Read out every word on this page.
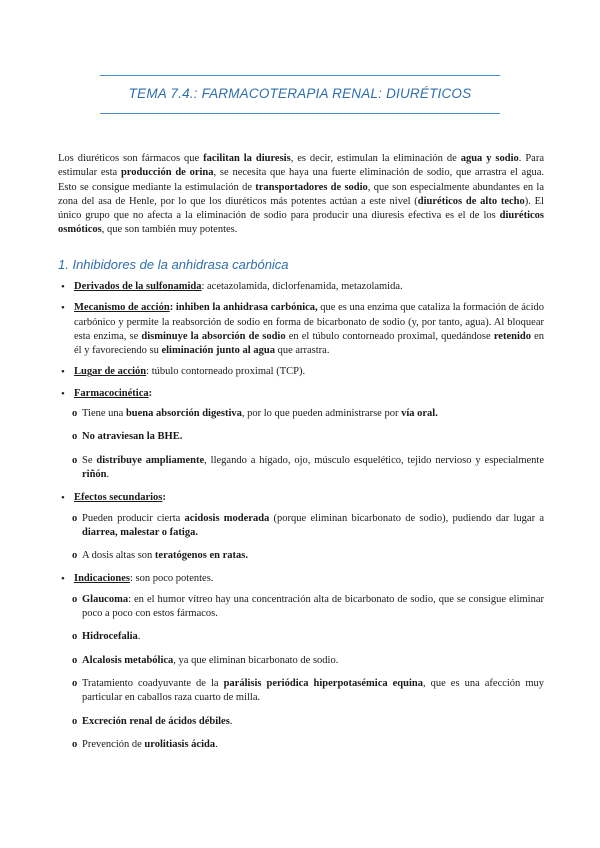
TEMA 7.4.: FARMACOTERAPIA RENAL: DIURÉTICOS

Los diuréticos son fármacos que facilitan la diuresis, es decir, estimulan la eliminación de agua y sodio. Para estimular esta producción de orina, se necesita que haya una fuerte eliminación de sodio, que arrastra el agua. Esto se consigue mediante la estimulación de transportadores de sodio, que son especialmente abundantes en la zona del asa de Henle, por lo que los diuréticos más potentes actúan a este nivel (diuréticos de alto techo). El único grupo que no afecta a la eliminación de sodio para producir una diuresis efectiva es el de los diuréticos osmóticos, que son también muy potentes.

1. Inhibidores de la anhidrasa carbónica
• Derivados de la sulfonamida: acetazolamida, diclorfenamida, metazolamida.
• Mecanismo de acción: inhiben la anhidrasa carbónica, que es una enzima que cataliza la formación de ácido carbónico y permite la reabsorción de sodio en forma de bicarbonato de sodio (y, por tanto, agua). Al bloquear esta enzima, se disminuye la absorción de sodio en el túbulo contorneado proximal, quedándose retenido en él y favoreciendo su eliminación junto al agua que arrastra.
• Lugar de acción: túbulo contorneado proximal (TCP).
• Farmacocinética:
o Tiene una buena absorción digestiva, por lo que pueden administrarse por vía oral.
o No atraviesan la BHE.
o Se distribuye ampliamente, llegando a hígado, ojo, músculo esquelético, tejido nervioso y especialmente riñón.
• Efectos secundarios:
o Pueden producir cierta acidosis moderada (porque eliminan bicarbonato de sodio), pudiendo dar lugar a diarrea, malestar o fatiga.
o A dosis altas son teratógenos en ratas.
• Indicaciones: son poco potentes.
o Glaucoma: en el humor vítreo hay una concentración alta de bicarbonato de sodio, que se consigue eliminar poco a poco con estos fármacos.
o Hidrocefalia.
o Alcalosis metabólica, ya que eliminan bicarbonato de sodio.
o Tratamiento coadyuvante de la parálisis periódica hiperpotasémica equina, que es una afección muy particular en caballos raza cuarto de milla.
o Excreción renal de ácidos débiles.
o Prevención de urolitiasis ácida.
